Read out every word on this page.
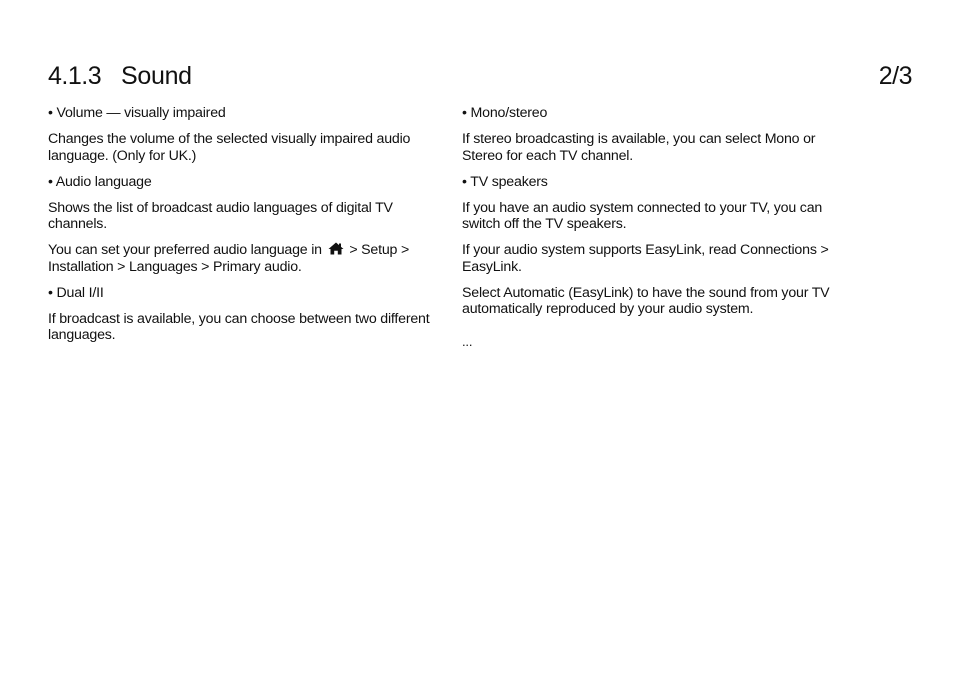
4.1.3 Sound	2/3

• Volume — visually impaired

Changes the volume of the selected visually impaired audio language. (Only for UK.)

• Audio language

Shows the list of broadcast audio languages of digital TV channels.

You can set your preferred audio language in > Setup > Installation > Languages > Primary audio.

• Dual I/II

If broadcast is available, you can choose between two different languages.

• Mono/stereo

If stereo broadcasting is available, you can select Mono or Stereo for each TV channel.

• TV speakers

If you have an audio system connected to your TV, you can switch off the TV speakers.

If your audio system supports EasyLink, read Connections > EasyLink.

Select Automatic (EasyLink) to have the sound from your TV automatically reproduced by your audio system.

...
